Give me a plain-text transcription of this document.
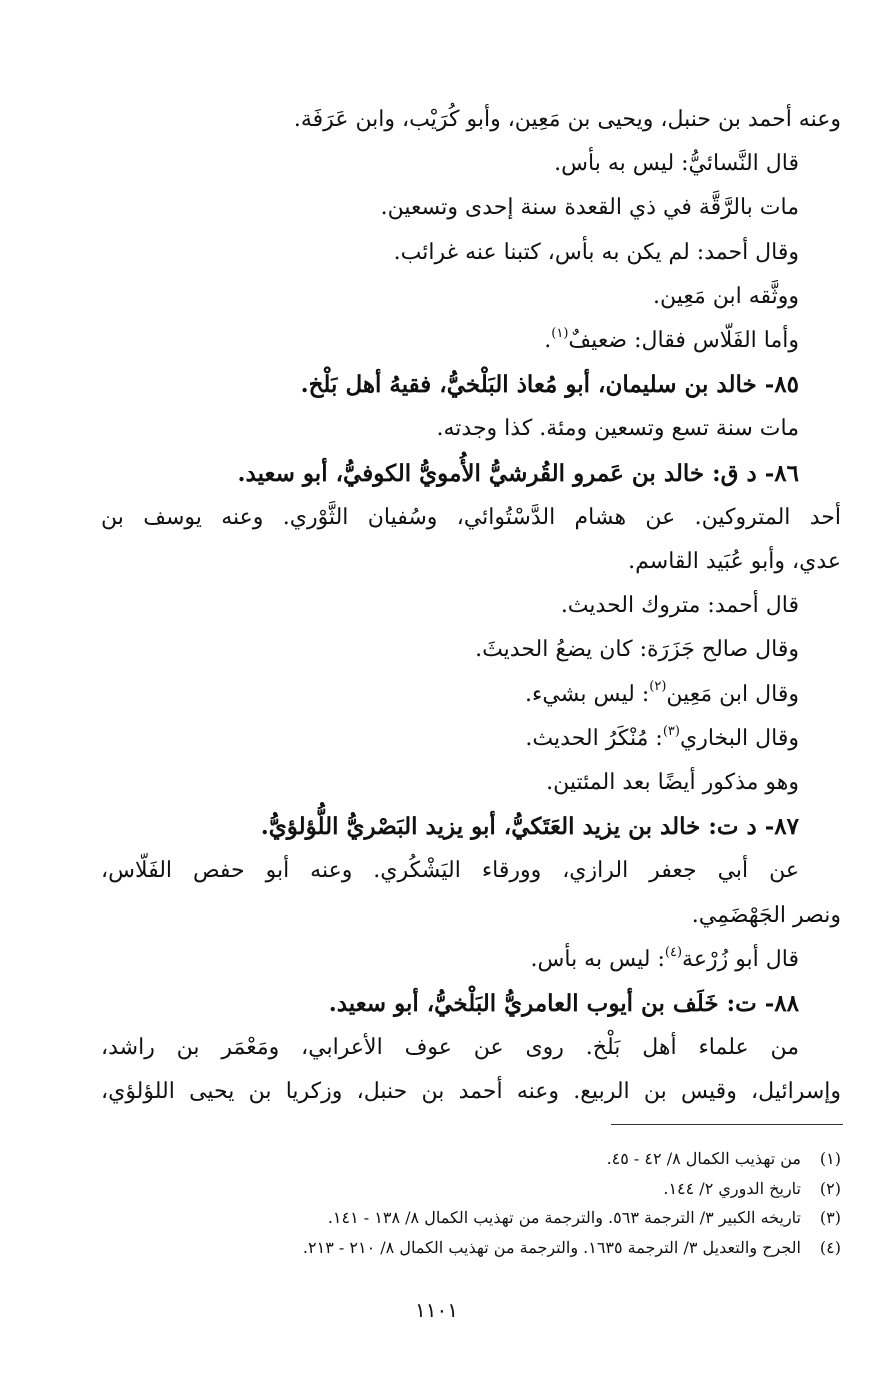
وعنه أحمد بن حنبل، ويحيى بن مَعِين، وأبو كُرَيْب، وابن عَرَفَة.
قال النَّسائيُّ: ليس به بأس.
مات بالرَّقَّة في ذي القعدة سنة إحدى وتسعين.
وقال أحمد: لم يكن به بأس، كتبنا عنه غرائب.
ووثَّقه ابن مَعِين.
وأما الفَلّاس فقال: ضعيفٌ$^{(١)}$.
٨٥- خالد بن سليمان، أبو مُعاذ البَلْخيُّ، فقيهُ أهل بَلْخ.
مات سنة تسع وتسعين ومئة. كذا وجدته.
٨٦- د ق: خالد بن عَمرو القُرشيُّ الأُمويُّ الكوفيُّ، أبو سعيد.
أحد المتروكين. عن هشام الدَّسْتُوائي، وسُفيان الثَّوْري. وعنه يوسف بن
عدي، وأبو عُبَيد القاسم.
قال أحمد: متروك الحديث.
وقال صالح جَزَرَة: كان يضعُ الحديثَ.
وقال ابن مَعِين$^{(٢)}$: ليس بشيء.
وقال البخاري$^{(٣)}$: مُنْكَرُ الحديث.
وهو مذكور أيضًا بعد المئتين.
٨٧- د ت: خالد بن يزيد العَتَكيُّ، أبو يزيد البَصْريُّ اللُّؤلؤيُّ.
عن أبي جعفر الرازي، وورقاء اليَشْكُري. وعنه أبو حفص الفَلّاس،
ونصر الجَهْضَمِي.
قال أبو زُرْعة$^{(٤)}$: ليس به بأس.
٨٨- ت: خَلَف بن أيوب العامريُّ البَلْخيُّ، أبو سعيد.
من علماء أهل بَلْخ. روى عن عوف الأعرابي، ومَعْمَر بن راشد،
وإسرائيل، وقيس بن الربيع. وعنه أحمد بن حنبل، وزكريا بن يحيى اللؤلؤي،
(١)
من تهذيب الكمال ٨/ ٤٢ - ٤٥.
(٢)
تاريخ الدوري ٢/ ١٤٤.
(٣)
تاريخه الكبير ٣/ الترجمة ٥٦٣. والترجمة من تهذيب الكمال ٨/ ١٣٨ - ١٤١.
(٤)
الجرح والتعديل ٣/ الترجمة ١٦٣٥. والترجمة من تهذيب الكمال ٨/ ٢١٠ - ٢١٣.
١١٠١
